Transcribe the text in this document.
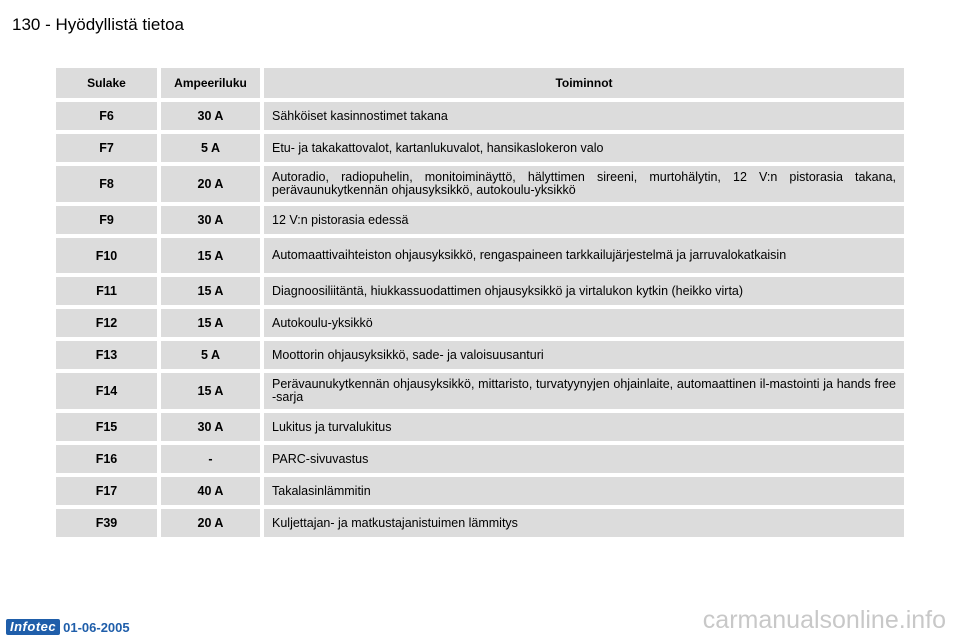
130 - Hyödyllistä tietoa
Sulake	Ampeeriluku	Toiminnot
F6	30 A	Sähköiset kasinnostimet takana
F7	5 A	Etu- ja takakattovalot, kartanlukuvalot, hansikaslokeron valo
F8	20 A	Autoradio, radiopuhelin, monitoiminäyttö, hälyttimen sireeni, murtohälytin, 12 V:n pistorasia takana, perävaunukytkennän ohjausyksikkö, autokoulu-yksikkö
F9	30 A	12 V:n pistorasia edessä
F10	15 A	Automaattivaihteiston ohjausyksikkö, rengaspaineen tarkkailujärjestelmä ja jarruvalokatkaisin
F11	15 A	Diagnoosiliitäntä, hiukkassuodattimen ohjausyksikkö ja virtalukon kytkin (heikko virta)
F12	15 A	Autokoulu-yksikkö
F13	5 A	Moottorin ohjausyksikkö, sade- ja valoisuusanturi
F14	15 A	Perävaunukytkennän ohjausyksikkö, mittaristo, turvatyynyjen ohjainlaite, automaattinen il-mastointi ja hands free -sarja
F15	30 A	Lukitus ja turvalukitus
F16	-	PARC-sivuvastus
F17	40 A	Takalasinlämmitin
F39	20 A	Kuljettajan- ja matkustajanistuimen lämmitys
Infotec 01-06-2005	carmanualsonline.info
